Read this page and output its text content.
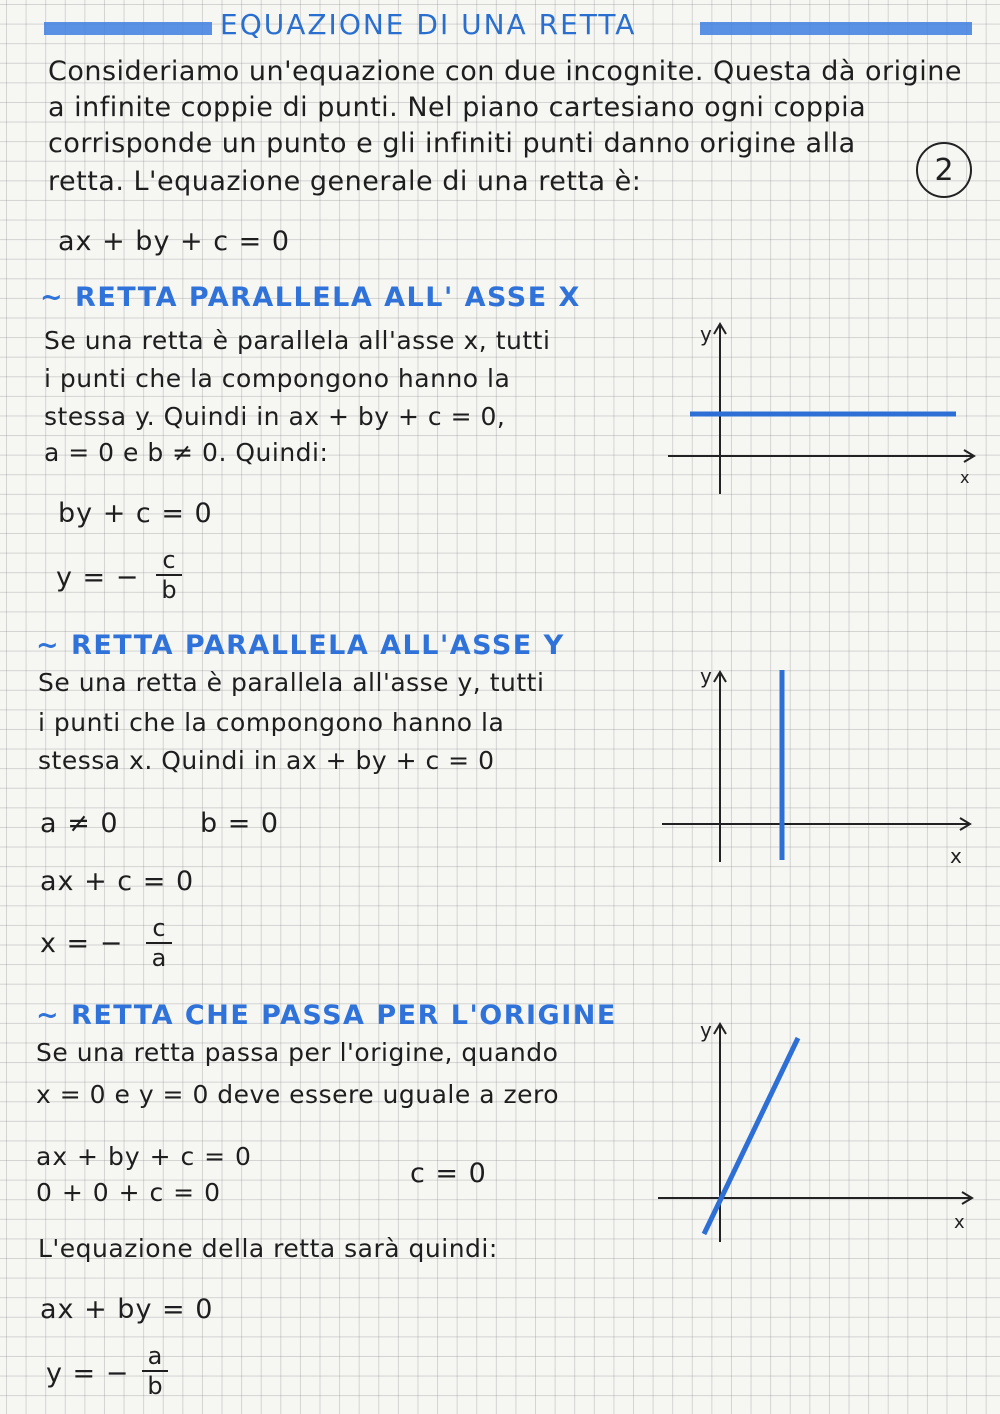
EQUAZIONE DI UNA RETTA
2
Consideriamo un'equazione con due incognite. Questa dà origine
a infinite coppie di punti. Nel piano cartesiano ogni coppia
corrisponde un punto e gli infiniti punti danno origine alla
retta. L'equazione generale di una retta è:
ax + by + c = 0
~ RETTA PARALLELA ALL' ASSE X
Se una retta è parallela all'asse x, tutti
i punti che la compongono hanno la
stessa y. Quindi in ax + by + c = 0,
a = 0 e b ≠ 0. Quindi:
by + c = 0
y = −
c
b
y
x
~ RETTA PARALLELA ALL'ASSE Y
Se una retta è parallela all'asse y, tutti
i punti che la compongono hanno la
stessa x. Quindi in ax + by + c = 0
a ≠ 0	b = 0
ax + c = 0
x = − c
a
y
x
~ RETTA CHE PASSA PER L'ORIGINE
Se una retta passa per l'origine, quando
x = 0 e y = 0 deve essere uguale a zero
ax + by + c = 0
0 + 0 + c = 0
c = 0
L'equazione della retta sarà quindi:
ax + by = 0
y = −
a
b
y
x
